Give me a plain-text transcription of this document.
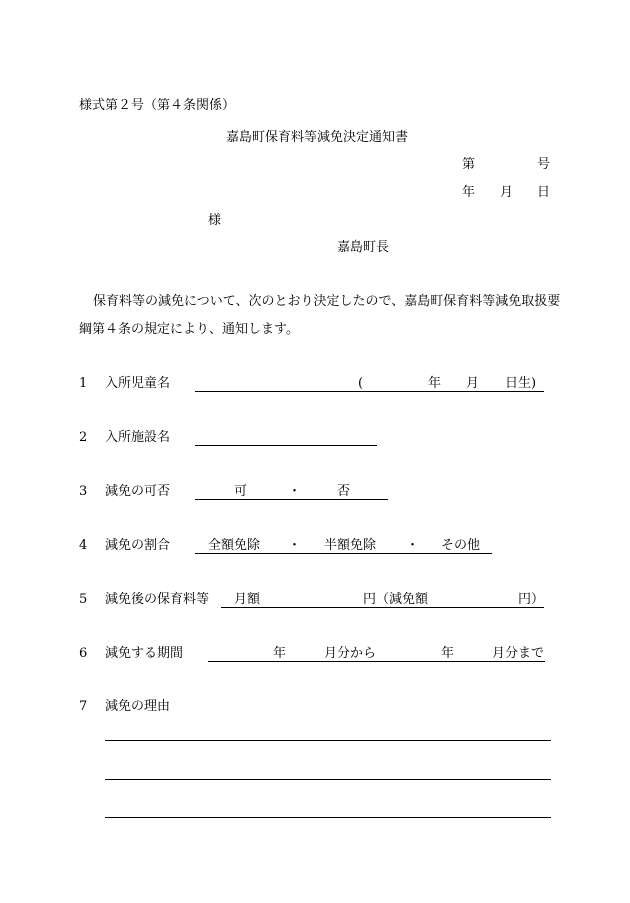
様式第２号（第４条関係）
嘉島町保育料等減免決定通知書
第	号
年 月 日
様
嘉島町長
保育料等の減免について、次のとおり決定したので、嘉島町保育料等減免取扱要
綱第４条の規定により、通知します。
1 入所児童名	(	年 月 日生)
2 入所施設名
3 減免の可否	可	・	否
4 減免の割合	全額免除 ・ 半額免除 ・ その他
5 減免後の保育料等 月額	円（減免額	円）
6 減免する期間	年	月分から	年	月分まで
7 減免の理由
